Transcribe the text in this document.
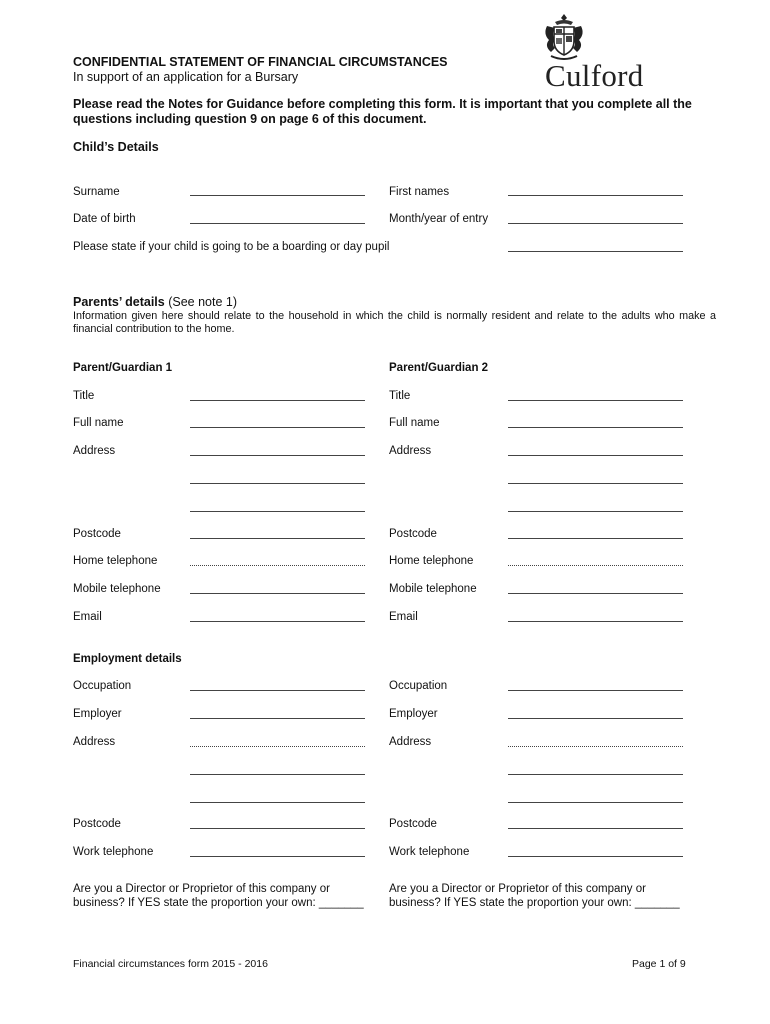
CONFIDENTIAL STATEMENT OF FINANCIAL CIRCUMSTANCES
In support of an application for a Bursary	Culford
Please read the Notes for Guidance before completing this form. It is important that you complete all the questions including question 9 on page 6 of this document.
Child’s Details
Surname	First names
Date of birth	Month/year of entry
Please state if your child is going to be a boarding or day pupil
Parents’ details (See note 1)
Information given here should relate to the household in which the child is normally resident and relate to the adults who make a financial contribution to the home.
Parent/Guardian 1	Parent/Guardian 2
Title	Title
Full name	Full name
Address	Address
Postcode	Postcode
Home telephone	Home telephone
Mobile telephone	Mobile telephone
Email	Email
Employment details
Occupation	Occupation
Employer	Employer
Address	Address
Postcode	Postcode
Work telephone	Work telephone
Are you a Director or Proprietor of this company or business? If YES state the proportion your own: _______
Are you a Director or Proprietor of this company or business? If YES state the proportion your own: _______
Financial circumstances form 2015 - 2016	Page 1 of 9
